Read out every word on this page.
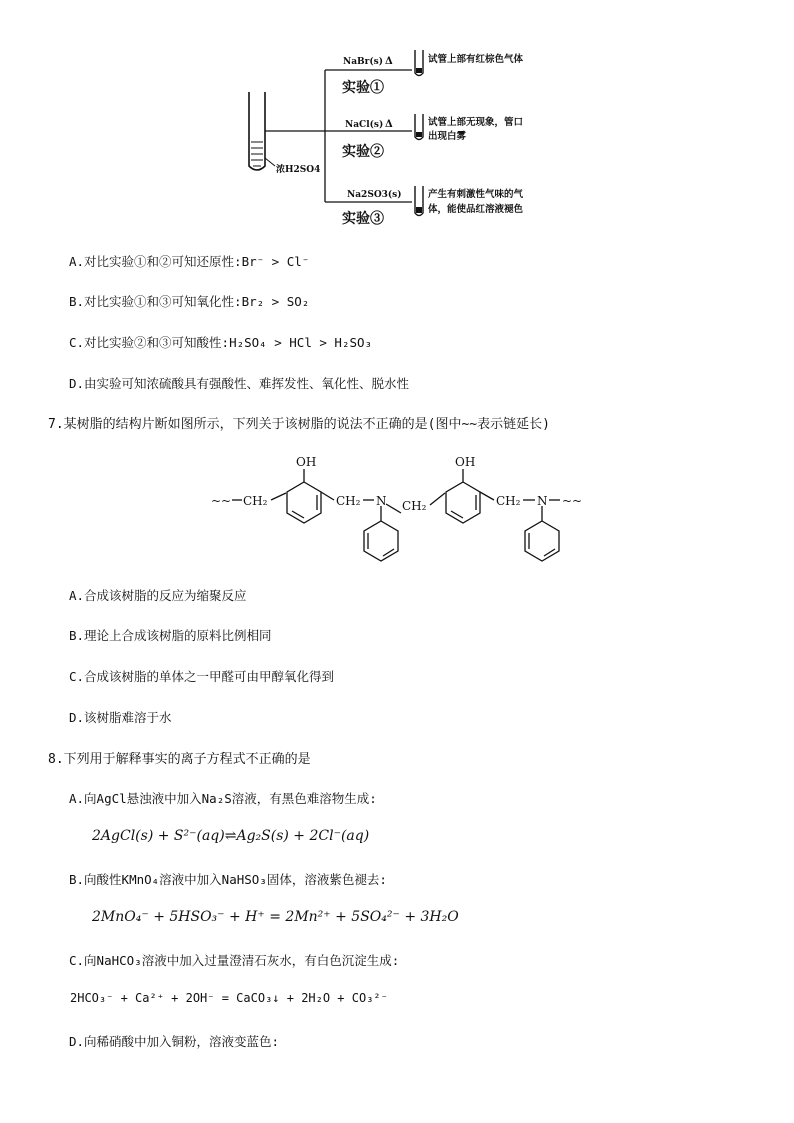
NaBr(s) Δ
实验①
NaCl(s) Δ
实验②
Na2SO3(s)
实验③
浓H2SO4
试管上部有红棕色气体
试管上部无现象，管口
出现白雾
产生有刺激性气味的气
体，能使品红溶液褪色
A.对比实验①和②可知还原性:Br⁻ > Cl⁻
B.对比实验①和③可知氧化性:Br₂ > SO₂
C.对比实验②和③可知酸性:H₂SO₄ > HCl > H₂SO₃
D.由实验可知浓硫酸具有强酸性、难挥发性、氧化性、脱水性
7.某树脂的结构片断如图所示，下列关于该树脂的说法不正确的是(图中~~表示链延长)
~~ CH₂
OH
CH₂ N CH₂
OH
CH₂ N ~~
A.合成该树脂的反应为缩聚反应
B.理论上合成该树脂的原料比例相同
C.合成该树脂的单体之一甲醛可由甲醇氧化得到
D.该树脂难溶于水
8.下列用于解释事实的离子方程式不正确的是
A.向AgCl悬浊液中加入Na₂S溶液，有黑色难溶物生成:
2AgCl(s) + S²⁻(aq)⇌Ag₂S(s) + 2Cl⁻(aq)
B.向酸性KMnO₄溶液中加入NaHSO₃固体，溶液紫色褪去:
2MnO₄⁻ + 5HSO₃⁻ + H⁺ = 2Mn²⁺ + 5SO₄²⁻ + 3H₂O
C.向NaHCO₃溶液中加入过量澄清石灰水，有白色沉淀生成:
2HCO₃⁻ + Ca²⁺ + 2OH⁻ = CaCO₃↓ + 2H₂O + CO₃²⁻
D.向稀硝酸中加入铜粉，溶液变蓝色:
